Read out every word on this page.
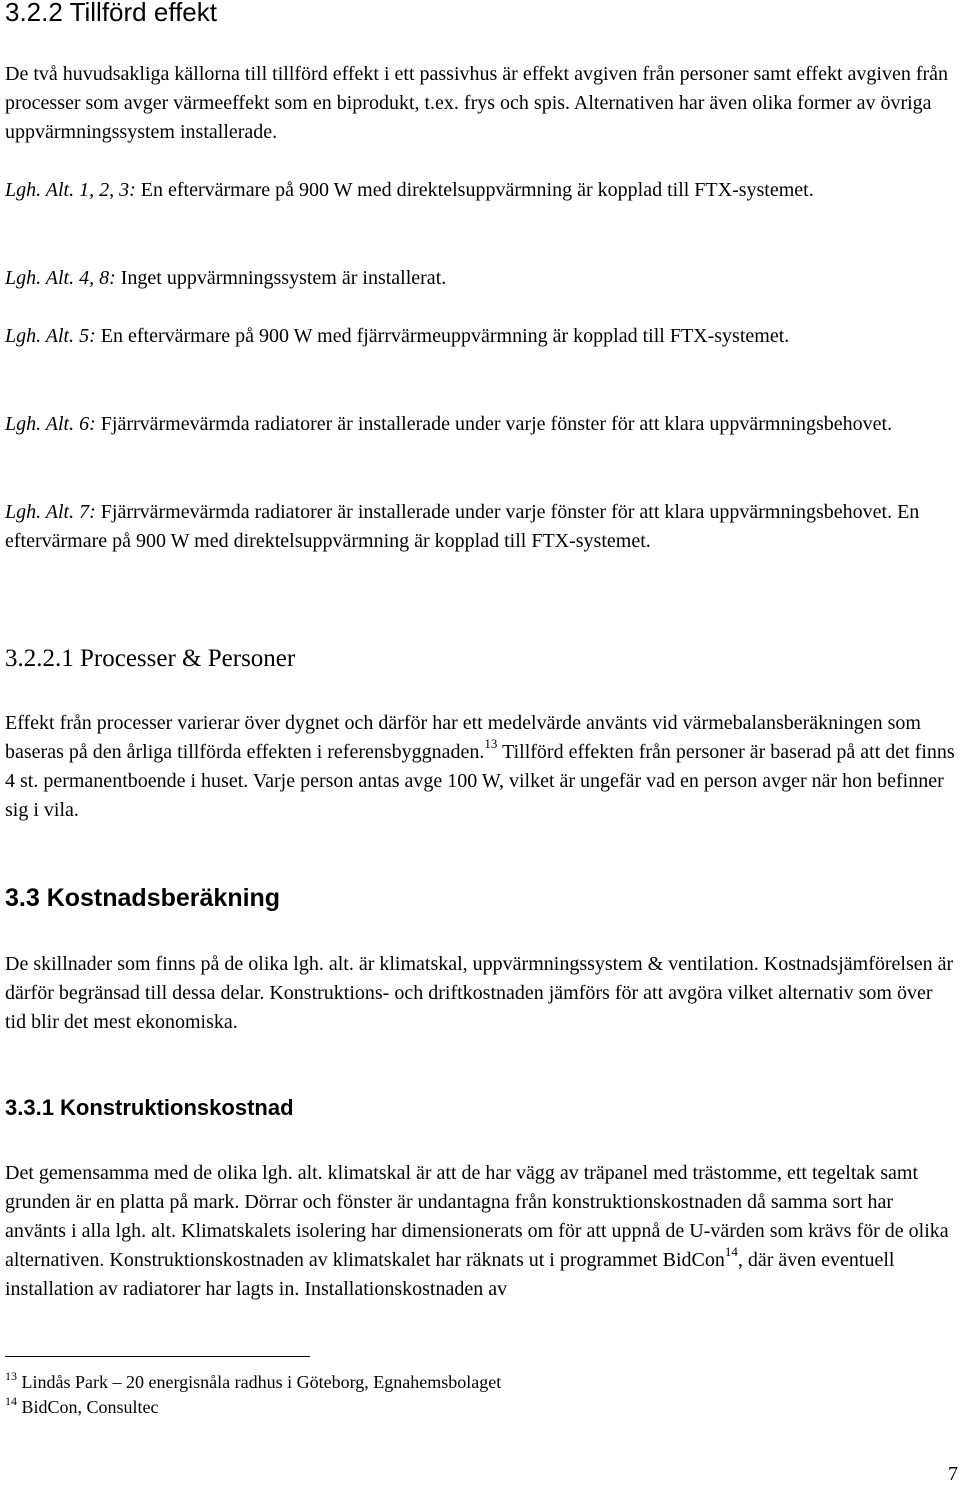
3.2.2 Tillförd effekt

De två huvudsakliga källorna till tillförd effekt i ett passivhus är effekt avgiven från personer samt effekt avgiven från processer som avger värmeeffekt som en biprodukt, t.ex. frys och spis. Alternativen har även olika former av övriga uppvärmningssystem installerade.

Lgh. Alt. 1, 2, 3: En eftervärmare på 900 W med direktelsuppvärmning är kopplad till FTX-systemet.

Lgh. Alt. 4, 8: Inget uppvärmningssystem är installerat.

Lgh. Alt. 5: En eftervärmare på 900 W med fjärrvärmeuppvärmning är kopplad till FTX-systemet.

Lgh. Alt. 6: Fjärrvärmevärmda radiatorer är installerade under varje fönster för att klara uppvärmningsbehovet.

Lgh. Alt. 7: Fjärrvärmevärmda radiatorer är installerade under varje fönster för att klara uppvärmningsbehovet. En eftervärmare på 900 W med direktelsuppvärmning är kopplad till FTX-systemet.

3.2.2.1 Processer & Personer

Effekt från processer varierar över dygnet och därför har ett medelvärde använts vid värmebalansberäkningen som baseras på den årliga tillförda effekten i referensbyggnaden.$^{13}$ Tillförd effekten från personer är baserad på att det finns 4 st. permanentboende i huset. Varje person antas avge 100 W, vilket är ungefär vad en person avger när hon befinner sig i vila.

3.3 Kostnadsberäkning

De skillnader som finns på de olika lgh. alt. är klimatskal, uppvärmningssystem & ventilation. Kostnadsjämförelsen är därför begränsad till dessa delar. Konstruktions- och driftkostnaden jämförs för att avgöra vilket alternativ som över tid blir det mest ekonomiska.

3.3.1 Konstruktionskostnad

Det gemensamma med de olika lgh. alt. klimatskal är att de har vägg av träpanel med trästomme, ett tegeltak samt grunden är en platta på mark. Dörrar och fönster är undantagna från konstruktionskostnaden då samma sort har använts i alla lgh. alt. Klimatskalets isolering har dimensionerats om för att uppnå de U-värden som krävs för de olika alternativen. Konstruktionskostnaden av klimatskalet har räknats ut i programmet BidCon$^{14}$, där även eventuell installation av radiatorer har lagts in. Installationskostnaden av

$^{13}$ Lindås Park – 20 energisnåla radhus i Göteborg, Egnahemsbolaget
$^{14}$ BidCon, Consultec
7
